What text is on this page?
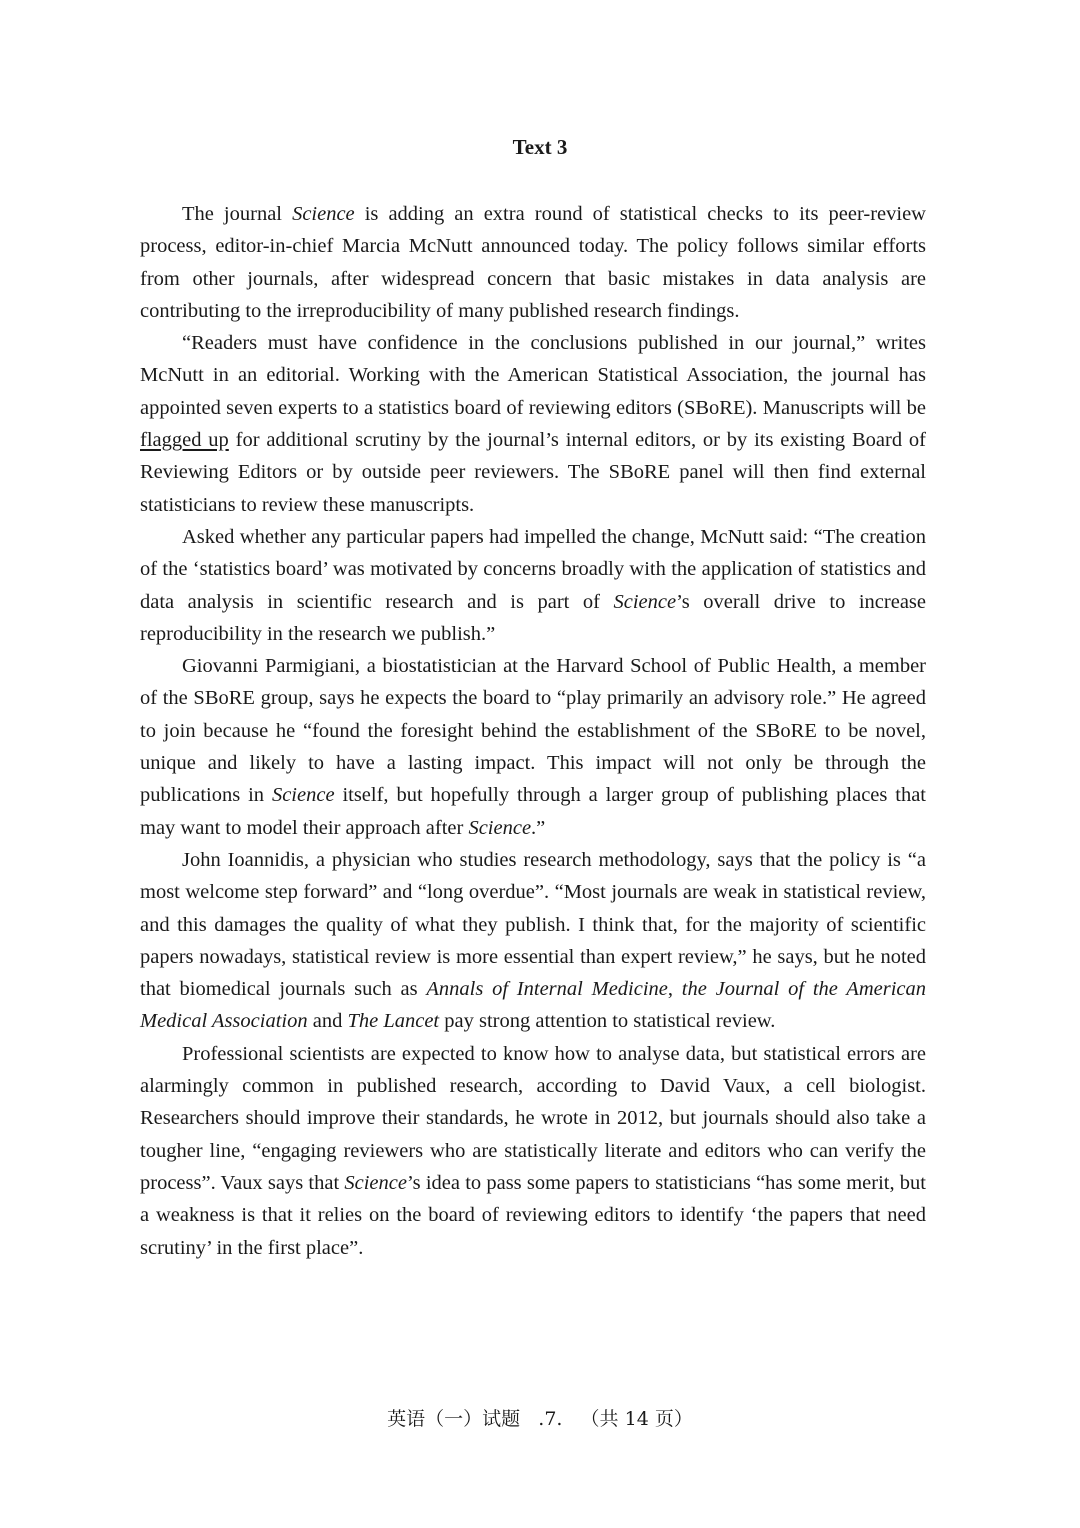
Text 3

The journal Science is adding an extra round of statistical checks to its peer-review process, editor-in-chief Marcia McNutt announced today. The policy follows similar efforts from other journals, after widespread concern that basic mistakes in data analysis are contributing to the irreproducibility of many published research findings.

“Readers must have confidence in the conclusions published in our journal,” writes McNutt in an editorial. Working with the American Statistical Association, the journal has appointed seven experts to a statistics board of reviewing editors (SBoRE). Manuscripts will be flagged up for additional scrutiny by the journal’s internal editors, or by its existing Board of Reviewing Editors or by outside peer reviewers. The SBoRE panel will then find external statisticians to review these manuscripts.

Asked whether any particular papers had impelled the change, McNutt said: “The creation of the ‘statistics board’ was motivated by concerns broadly with the application of statistics and data analysis in scientific research and is part of Science’s overall drive to increase reproducibility in the research we publish.”

Giovanni Parmigiani, a biostatistician at the Harvard School of Public Health, a member of the SBoRE group, says he expects the board to “play primarily an advisory role.” He agreed to join because he “found the foresight behind the establishment of the SBoRE to be novel, unique and likely to have a lasting impact. This impact will not only be through the publications in Science itself, but hopefully through a larger group of publishing places that may want to model their approach after Science.”

John Ioannidis, a physician who studies research methodology, says that the policy is “a most welcome step forward” and “long overdue”. “Most journals are weak in statistical review, and this damages the quality of what they publish. I think that, for the majority of scientific papers nowadays, statistical review is more essential than expert review,” he says, but he noted that biomedical journals such as Annals of Internal Medicine, the Journal of the American Medical Association and The Lancet pay strong attention to statistical review.

Professional scientists are expected to know how to analyse data, but statistical errors are alarmingly common in published research, according to David Vaux, a cell biologist. Researchers should improve their standards, he wrote in 2012, but journals should also take a tougher line, “engaging reviewers who are statistically literate and editors who can verify the process”. Vaux says that Science’s idea to pass some papers to statisticians “has some merit, but a weakness is that it relies on the board of reviewing editors to identify ‘the papers that need scrutiny’ in the first place”.

英语（一）试题   .7.   （共 14 页）
